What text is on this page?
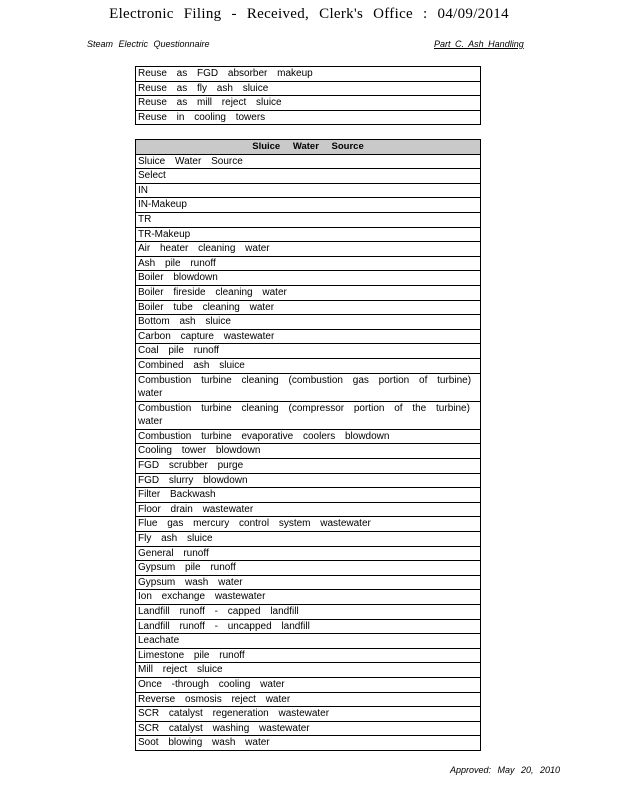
Electronic Filing - Received, Clerk's Office : 04/09/2014
Steam Electric Questionnaire	Part C. Ash Handling
Reuse as FGD absorber makeup
Reuse as fly ash sluice
Reuse as mill reject sluice
Reuse in cooling towers
Sluice Water Source
Sluice Water Source
Select
IN
IN-Makeup
TR
TR-Makeup
Air heater cleaning water
Ash pile runoff
Boiler blowdown
Boiler fireside cleaning water
Boiler tube cleaning water
Bottom ash sluice
Carbon capture wastewater
Coal pile runoff
Combined ash sluice
Combustion turbine cleaning (combustion gas portion of turbine) water
Combustion turbine cleaning (compressor portion of the turbine) water
Combustion turbine evaporative coolers blowdown
Cooling tower blowdown
FGD scrubber purge
FGD slurry blowdown
Filter Backwash
Floor drain wastewater
Flue gas mercury control system wastewater
Fly ash sluice
General runoff
Gypsum pile runoff
Gypsum wash water
Ion exchange wastewater
Landfill runoff - capped landfill
Landfill runoff - uncapped landfill
Leachate
Limestone pile runoff
Mill reject sluice
Once -through cooling water
Reverse osmosis reject water
SCR catalyst regeneration wastewater
SCR catalyst washing wastewater
Soot blowing wash water
Approved: May 20, 2010
